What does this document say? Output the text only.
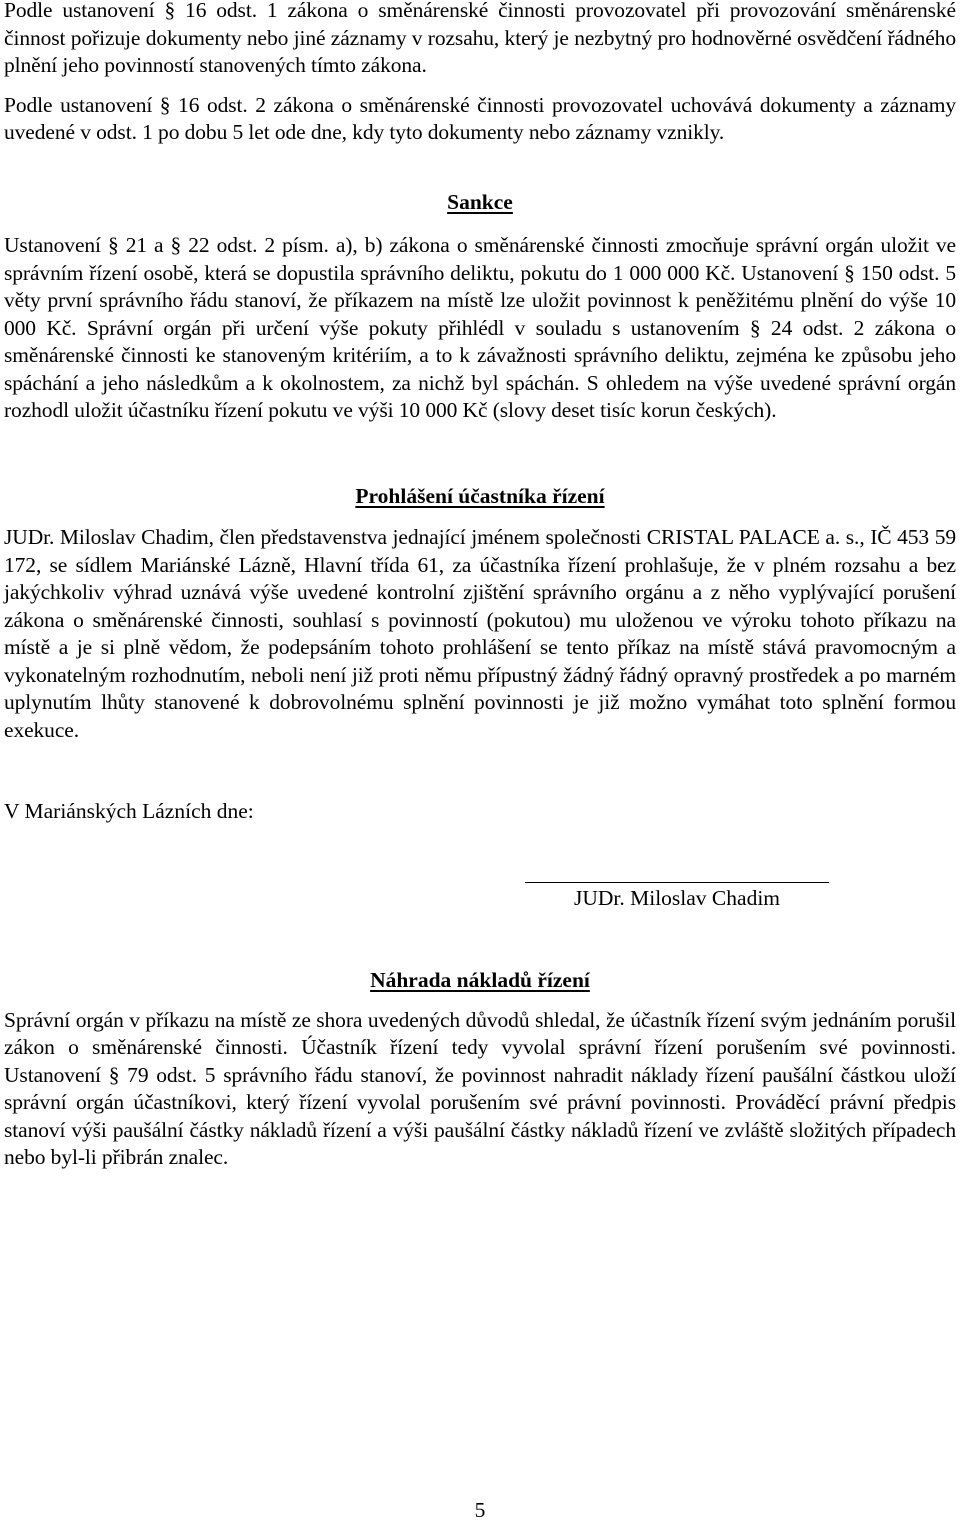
Podle ustanovení § 16 odst. 1 zákona o směnárenské činnosti provozovatel při provozování směnárenské činnost pořizuje dokumenty nebo jiné záznamy v rozsahu, který je nezbytný pro hodnověrné osvědčení řádného plnění jeho povinností stanovených tímto zákona.

Podle ustanovení § 16 odst. 2 zákona o směnárenské činnosti provozovatel uchovává dokumenty a záznamy uvedené v odst. 1 po dobu 5 let ode dne, kdy tyto dokumenty nebo záznamy vznikly.

Sankce

Ustanovení § 21 a § 22 odst. 2 písm. a), b) zákona o směnárenské činnosti zmocňuje správní orgán uložit ve správním řízení osobě, která se dopustila správního deliktu, pokutu do 1 000 000 Kč. Ustanovení § 150 odst. 5 věty první správního řádu stanoví, že příkazem na místě lze uložit povinnost k peněžitému plnění do výše 10 000 Kč. Správní orgán při určení výše pokuty přihlédl v souladu s ustanovením § 24 odst. 2 zákona o směnárenské činnosti ke stanoveným kritériím, a to k závažnosti správního deliktu, zejména ke způsobu jeho spáchání a jeho následkům a k okolnostem, za nichž byl spáchán. S ohledem na výše uvedené správní orgán rozhodl uložit účastníku řízení pokutu ve výši 10 000 Kč (slovy deset tisíc korun českých).

Prohlášení účastníka řízení

JUDr. Miloslav Chadim, člen představenstva jednající jménem společnosti CRISTAL PALACE a. s., IČ 453 59 172, se sídlem Mariánské Lázně, Hlavní třída 61, za účastníka řízení prohlašuje, že v plném rozsahu a bez jakýchkoliv výhrad uznává výše uvedené kontrolní zjištění správního orgánu a z něho vyplývající porušení zákona o směnárenské činnosti, souhlasí s povinností (pokutou) mu uloženou ve výroku tohoto příkazu na místě a je si plně vědom, že podepsáním tohoto prohlášení se tento příkaz na místě stává pravomocným a vykonatelným rozhodnutím, neboli není již proti němu přípustný žádný řádný opravný prostředek a po marném uplynutím lhůty stanovené k dobrovolnému splnění povinnosti je již možno vymáhat toto splnění formou exekuce.

V Mariánských Lázních dne:
JUDr. Miloslav Chadim
Náhrada nákladů řízení

Správní orgán v příkazu na místě ze shora uvedených důvodů shledal, že účastník řízení svým jednáním porušil zákon o směnárenské činnosti. Účastník řízení tedy vyvolal správní řízení porušením své povinnosti. Ustanovení § 79 odst. 5 správního řádu stanoví, že povinnost nahradit náklady řízení paušální částkou uloží správní orgán účastníkovi, který řízení vyvolal porušením své právní povinnosti. Prováděcí právní předpis stanoví výši paušální částky nákladů řízení a výši paušální částky nákladů řízení ve zvláště složitých případech nebo byl-li přibrán znalec.

5
